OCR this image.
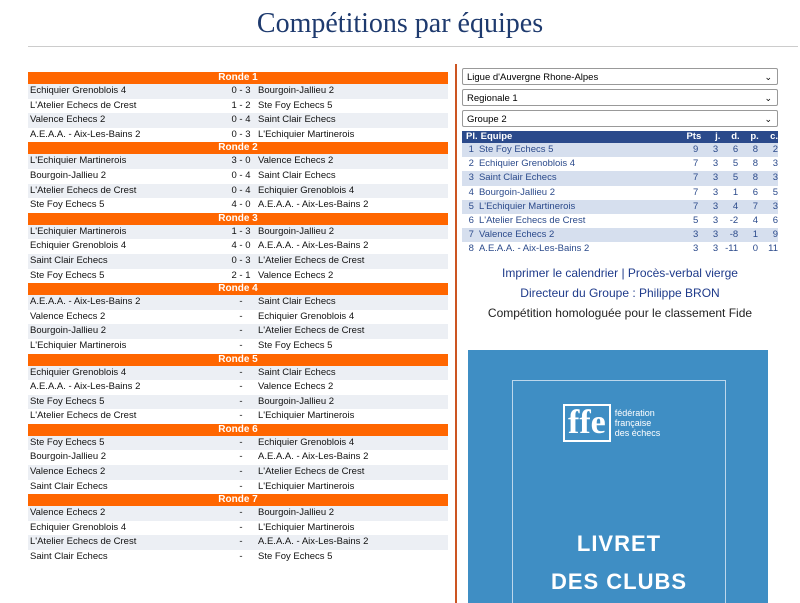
Compétitions par équipes
Ronde 1
Echiquier Grenoblois 4	0 - 3 Bourgoin-Jallieu 2
L'Atelier Echecs de Crest	1 - 2 Ste Foy Echecs 5
Valence Echecs 2	0 - 4 Saint Clair Echecs
A.E.A.A. - Aix-Les-Bains 2	0 - 3 L'Echiquier Martinerois
Ronde 2
L'Echiquier Martinerois	3 - 0 Valence Echecs 2
Bourgoin-Jallieu 2	0 - 4 Saint Clair Echecs
L'Atelier Echecs de Crest	0 - 4 Echiquier Grenoblois 4
Ste Foy Echecs 5	4 - 0 A.E.A.A. - Aix-Les-Bains 2
Ronde 3
L'Echiquier Martinerois	1 - 3 Bourgoin-Jallieu 2
Echiquier Grenoblois 4	4 - 0 A.E.A.A. - Aix-Les-Bains 2
Saint Clair Echecs	0 - 3 L'Atelier Echecs de Crest
Ste Foy Echecs 5	2 - 1 Valence Echecs 2
Ronde 4
A.E.A.A. - Aix-Les-Bains 2	-	Saint Clair Echecs
Valence Echecs 2	-	Echiquier Grenoblois 4
Bourgoin-Jallieu 2	-	L'Atelier Echecs de Crest
L'Echiquier Martinerois	-	Ste Foy Echecs 5
Ronde 5
Echiquier Grenoblois 4	-	Saint Clair Echecs
A.E.A.A. - Aix-Les-Bains 2	-	Valence Echecs 2
Ste Foy Echecs 5	-	Bourgoin-Jallieu 2
L'Atelier Echecs de Crest	-	L'Echiquier Martinerois
Ronde 6
Ste Foy Echecs 5	-	Echiquier Grenoblois 4
Bourgoin-Jallieu 2	-	A.E.A.A. - Aix-Les-Bains 2
Valence Echecs 2	-	L'Atelier Echecs de Crest
Saint Clair Echecs	-	L'Echiquier Martinerois
Ronde 7
Valence Echecs 2	-	Bourgoin-Jallieu 2
Echiquier Grenoblois 4	-	L'Echiquier Martinerois
L'Atelier Echecs de Crest	-	A.E.A.A. - Aix-Les-Bains 2
Saint Clair Echecs	-	Ste Foy Echecs 5
Ligue d'Auvergne Rhone-Alpes	⌄
Regionale 1	⌄
Groupe 2	⌄
Pl. Equipe	Pts	j.	d.	p.	c.
1 Ste Foy Echecs 5	9	3	6	8	2
2 Echiquier Grenoblois 4	7	3	5	8	3
3 Saint Clair Echecs	7	3	5	8	3
4 Bourgoin-Jallieu 2	7	3	1	6	5
5 L'Echiquier Martinerois	7	3	4	7	3
6 L'Atelier Echecs de Crest	5	3	-2	4	6
7 Valence Echecs 2	3	3	-8	1	9
8 A.E.A.A. - Aix-Les-Bains 2	3	3 -11	0	11
Imprimer le calendrier | Procès-verbal vierge
Directeur du Groupe : Philippe BRON
Compétition homologuée pour le classement Fide
ffe	fédération
française
des échecs
LIVRET
DES CLUBS
